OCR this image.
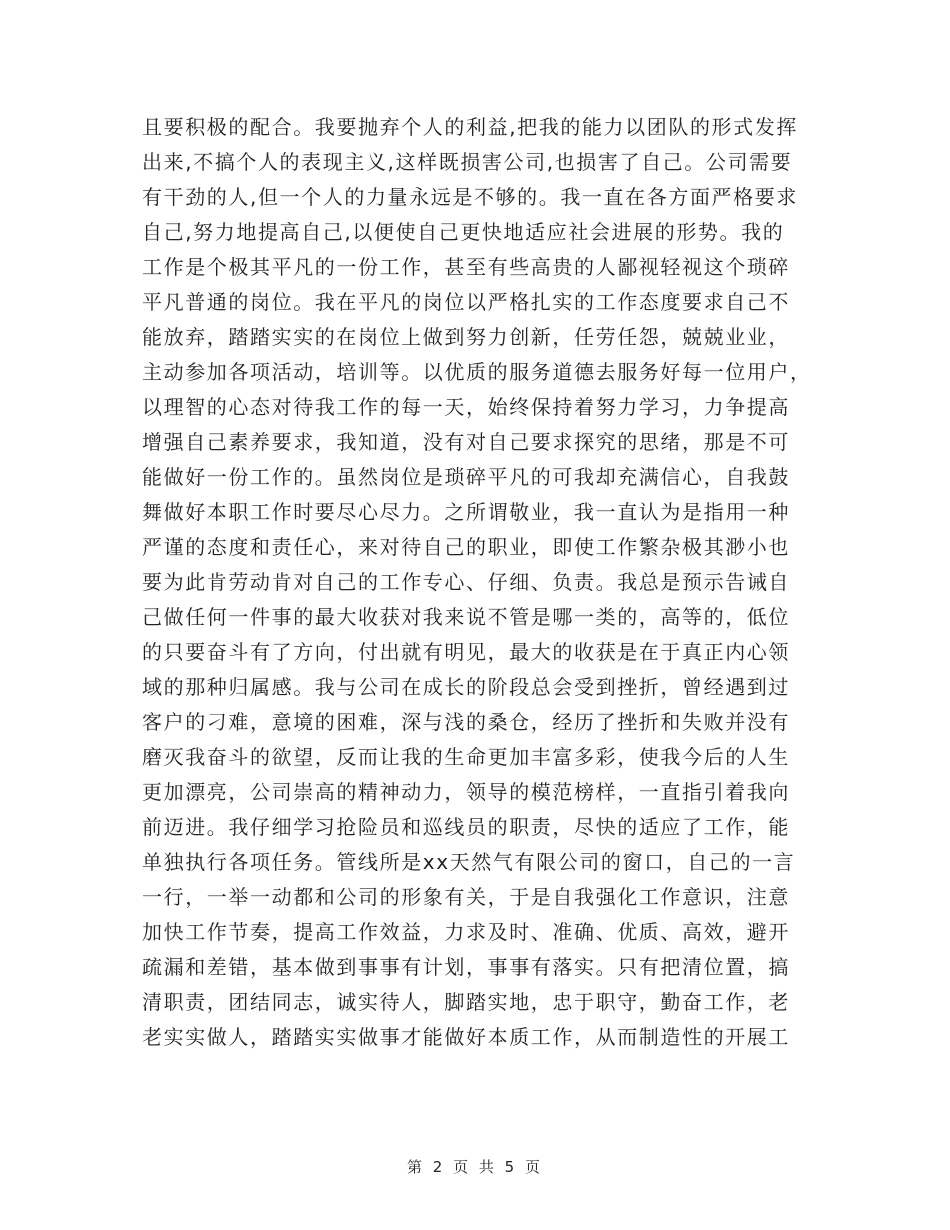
且要积极的配合。我要抛弃个人的利益,把我的能力以团队的形式发挥
出来,不搞个人的表现主义,这样既损害公司,也损害了自己。公司需要
有干劲的人,但一个人的力量永远是不够的。我一直在各方面严格要求
自己,努力地提高自己,以便使自己更快地适应社会进展的形势。我的
工作是个极其平凡的一份工作，甚至有些高贵的人鄙视轻视这个琐碎
平凡普通的岗位。我在平凡的岗位以严格扎实的工作态度要求自己不
能放弃，踏踏实实的在岗位上做到努力创新，任劳任怨，兢兢业业，
主动参加各项活动，培训等。以优质的服务道德去服务好每一位用户，
以理智的心态对待我工作的每一天，始终保持着努力学习，力争提高
增强自己素养要求，我知道，没有对自己要求探究的思绪，那是不可
能做好一份工作的。虽然岗位是琐碎平凡的可我却充满信心，自我鼓
舞做好本职工作时要尽心尽力。之所谓敬业，我一直认为是指用一种
严谨的态度和责任心，来对待自己的职业，即使工作繁杂极其渺小也
要为此肯劳动肯对自己的工作专心、仔细、负责。我总是预示告诫自
己做任何一件事的最大收获对我来说不管是哪一类的，高等的，低位
的只要奋斗有了方向，付出就有明见，最大的收获是在于真正内心领
域的那种归属感。我与公司在成长的阶段总会受到挫折，曾经遇到过
客户的刁难，意境的困难，深与浅的桑仓，经历了挫折和失败并没有
磨灭我奋斗的欲望，反而让我的生命更加丰富多彩，使我今后的人生
更加漂亮，公司崇高的精神动力，领导的模范榜样，一直指引着我向
前迈进。我仔细学习抢险员和巡线员的职责，尽快的适应了工作，能
单独执行各项任务。管线所是xx天然气有限公司的窗口，自己的一言
一行，一举一动都和公司的形象有关，于是自我强化工作意识，注意
加快工作节奏，提高工作效益，力求及时、准确、优质、高效，避开
疏漏和差错，基本做到事事有计划，事事有落实。只有把清位置，搞
清职责，团结同志，诚实待人，脚踏实地，忠于职守，勤奋工作，老
老实实做人，踏踏实实做事才能做好本质工作，从而制造性的开展工
第 2 页 共 5 页
